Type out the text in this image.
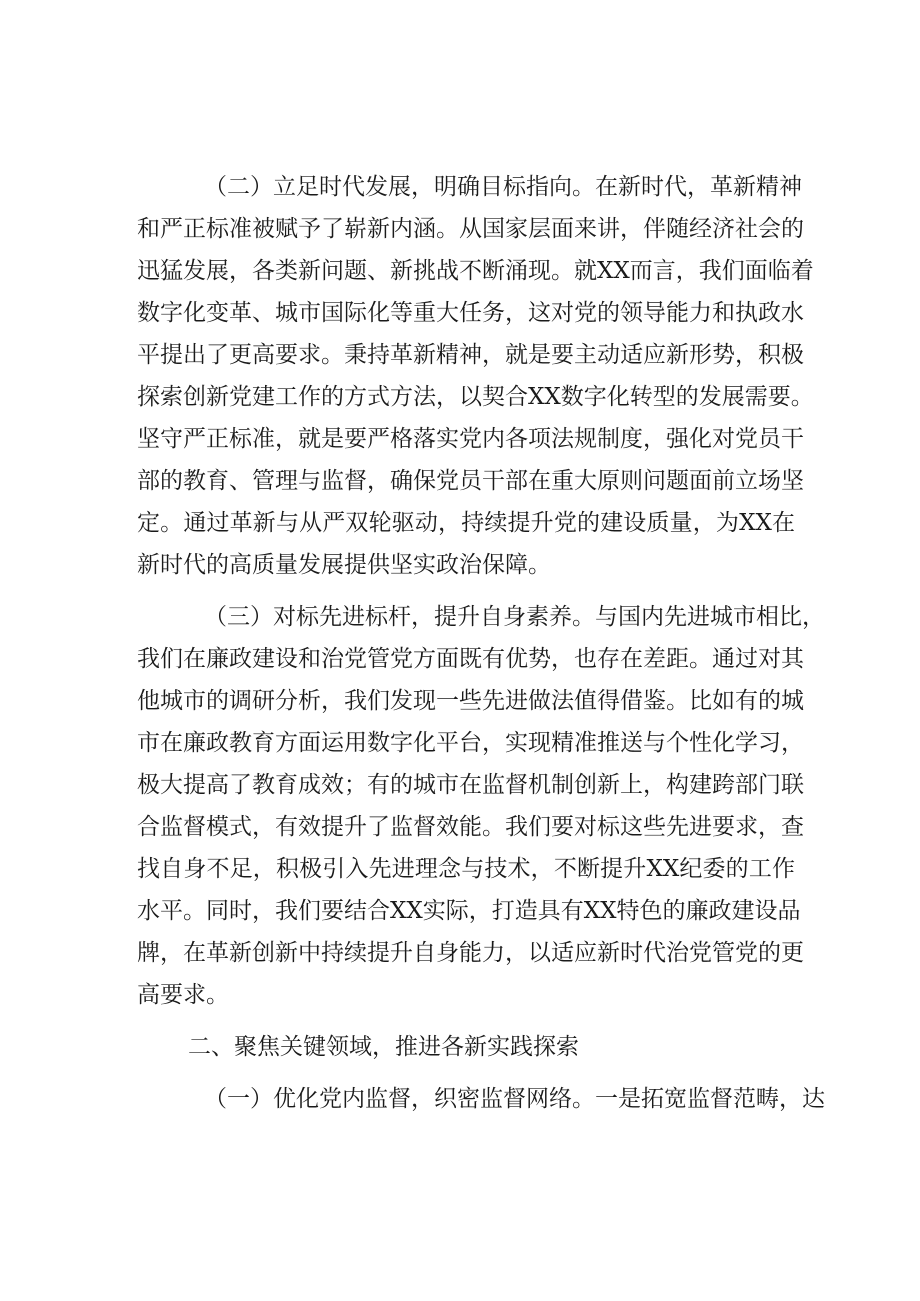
（二）立足时代发展，明确目标指向。在新时代，革新精神
和严正标准被赋予了崭新内涵。从国家层面来讲，伴随经济社会的
迅猛发展，各类新问题、新挑战不断涌现。就XX而言，我们面临着
数字化变革、城市国际化等重大任务，这对党的领导能力和执政水
平提出了更高要求。秉持革新精神，就是要主动适应新形势，积极
探索创新党建工作的方式方法，以契合XX数字化转型的发展需要。
坚守严正标准，就是要严格落实党内各项法规制度，强化对党员干
部的教育、管理与监督，确保党员干部在重大原则问题面前立场坚
定。通过革新与从严双轮驱动，持续提升党的建设质量，为XX在
新时代的高质量发展提供坚实政治保障。
（三）对标先进标杆，提升自身素养。与国内先进城市相比，
我们在廉政建设和治党管党方面既有优势，也存在差距。通过对其
他城市的调研分析，我们发现一些先进做法值得借鉴。比如有的城
市在廉政教育方面运用数字化平台，实现精准推送与个性化学习，
极大提高了教育成效；有的城市在监督机制创新上，构建跨部门联
合监督模式，有效提升了监督效能。我们要对标这些先进要求，查
找自身不足，积极引入先进理念与技术，不断提升XX纪委的工作
水平。同时，我们要结合XX实际，打造具有XX特色的廉政建设品
牌，在革新创新中持续提升自身能力，以适应新时代治党管党的更
高要求。
二、聚焦关键领域，推进各新实践探索
（一）优化党内监督，织密监督网络。一是拓宽监督范畴，达
